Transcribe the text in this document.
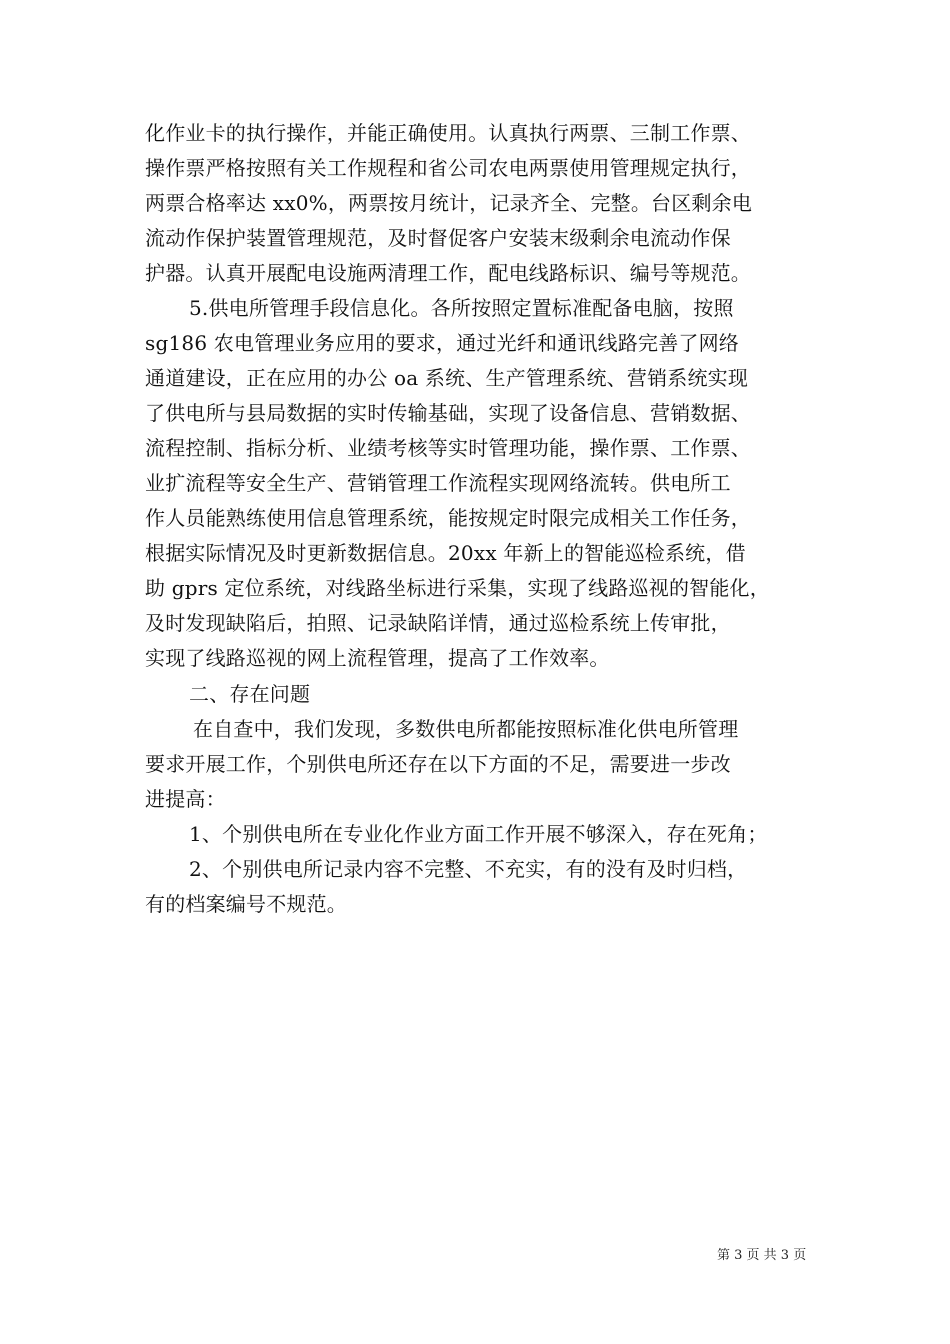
化作业卡的执行操作，并能正确使用。认真执行两票、三制工作票、
操作票严格按照有关工作规程和省公司农电两票使用管理规定执行，
两票合格率达 xx0%，两票按月统计，记录齐全、完整。台区剩余电
流动作保护装置管理规范，及时督促客户安装末级剩余电流动作保
护器。认真开展配电设施两清理工作，配电线路标识、编号等规范。
5.供电所管理手段信息化。各所按照定置标准配备电脑，按照
sg186 农电管理业务应用的要求，通过光纤和通讯线路完善了网络
通道建设，正在应用的办公 oa 系统、生产管理系统、营销系统实现
了供电所与县局数据的实时传输基础，实现了设备信息、营销数据、
流程控制、指标分析、业绩考核等实时管理功能，操作票、工作票、
业扩流程等安全生产、营销管理工作流程实现网络流转。供电所工
作人员能熟练使用信息管理系统，能按规定时限完成相关工作任务，
根据实际情况及时更新数据信息。20xx 年新上的智能巡检系统，借
助 gprs 定位系统，对线路坐标进行采集，实现了线路巡视的智能化，
及时发现缺陷后，拍照、记录缺陷详情，通过巡检系统上传审批，
实现了线路巡视的网上流程管理，提高了工作效率。
二、存在问题
在自查中，我们发现，多数供电所都能按照标准化供电所管理
要求开展工作，个别供电所还存在以下方面的不足，需要进一步改
进提高：
1、个别供电所在专业化作业方面工作开展不够深入，存在死角；
2、个别供电所记录内容不完整、不充实，有的没有及时归档，
有的档案编号不规范。
第 3 页 共 3 页
